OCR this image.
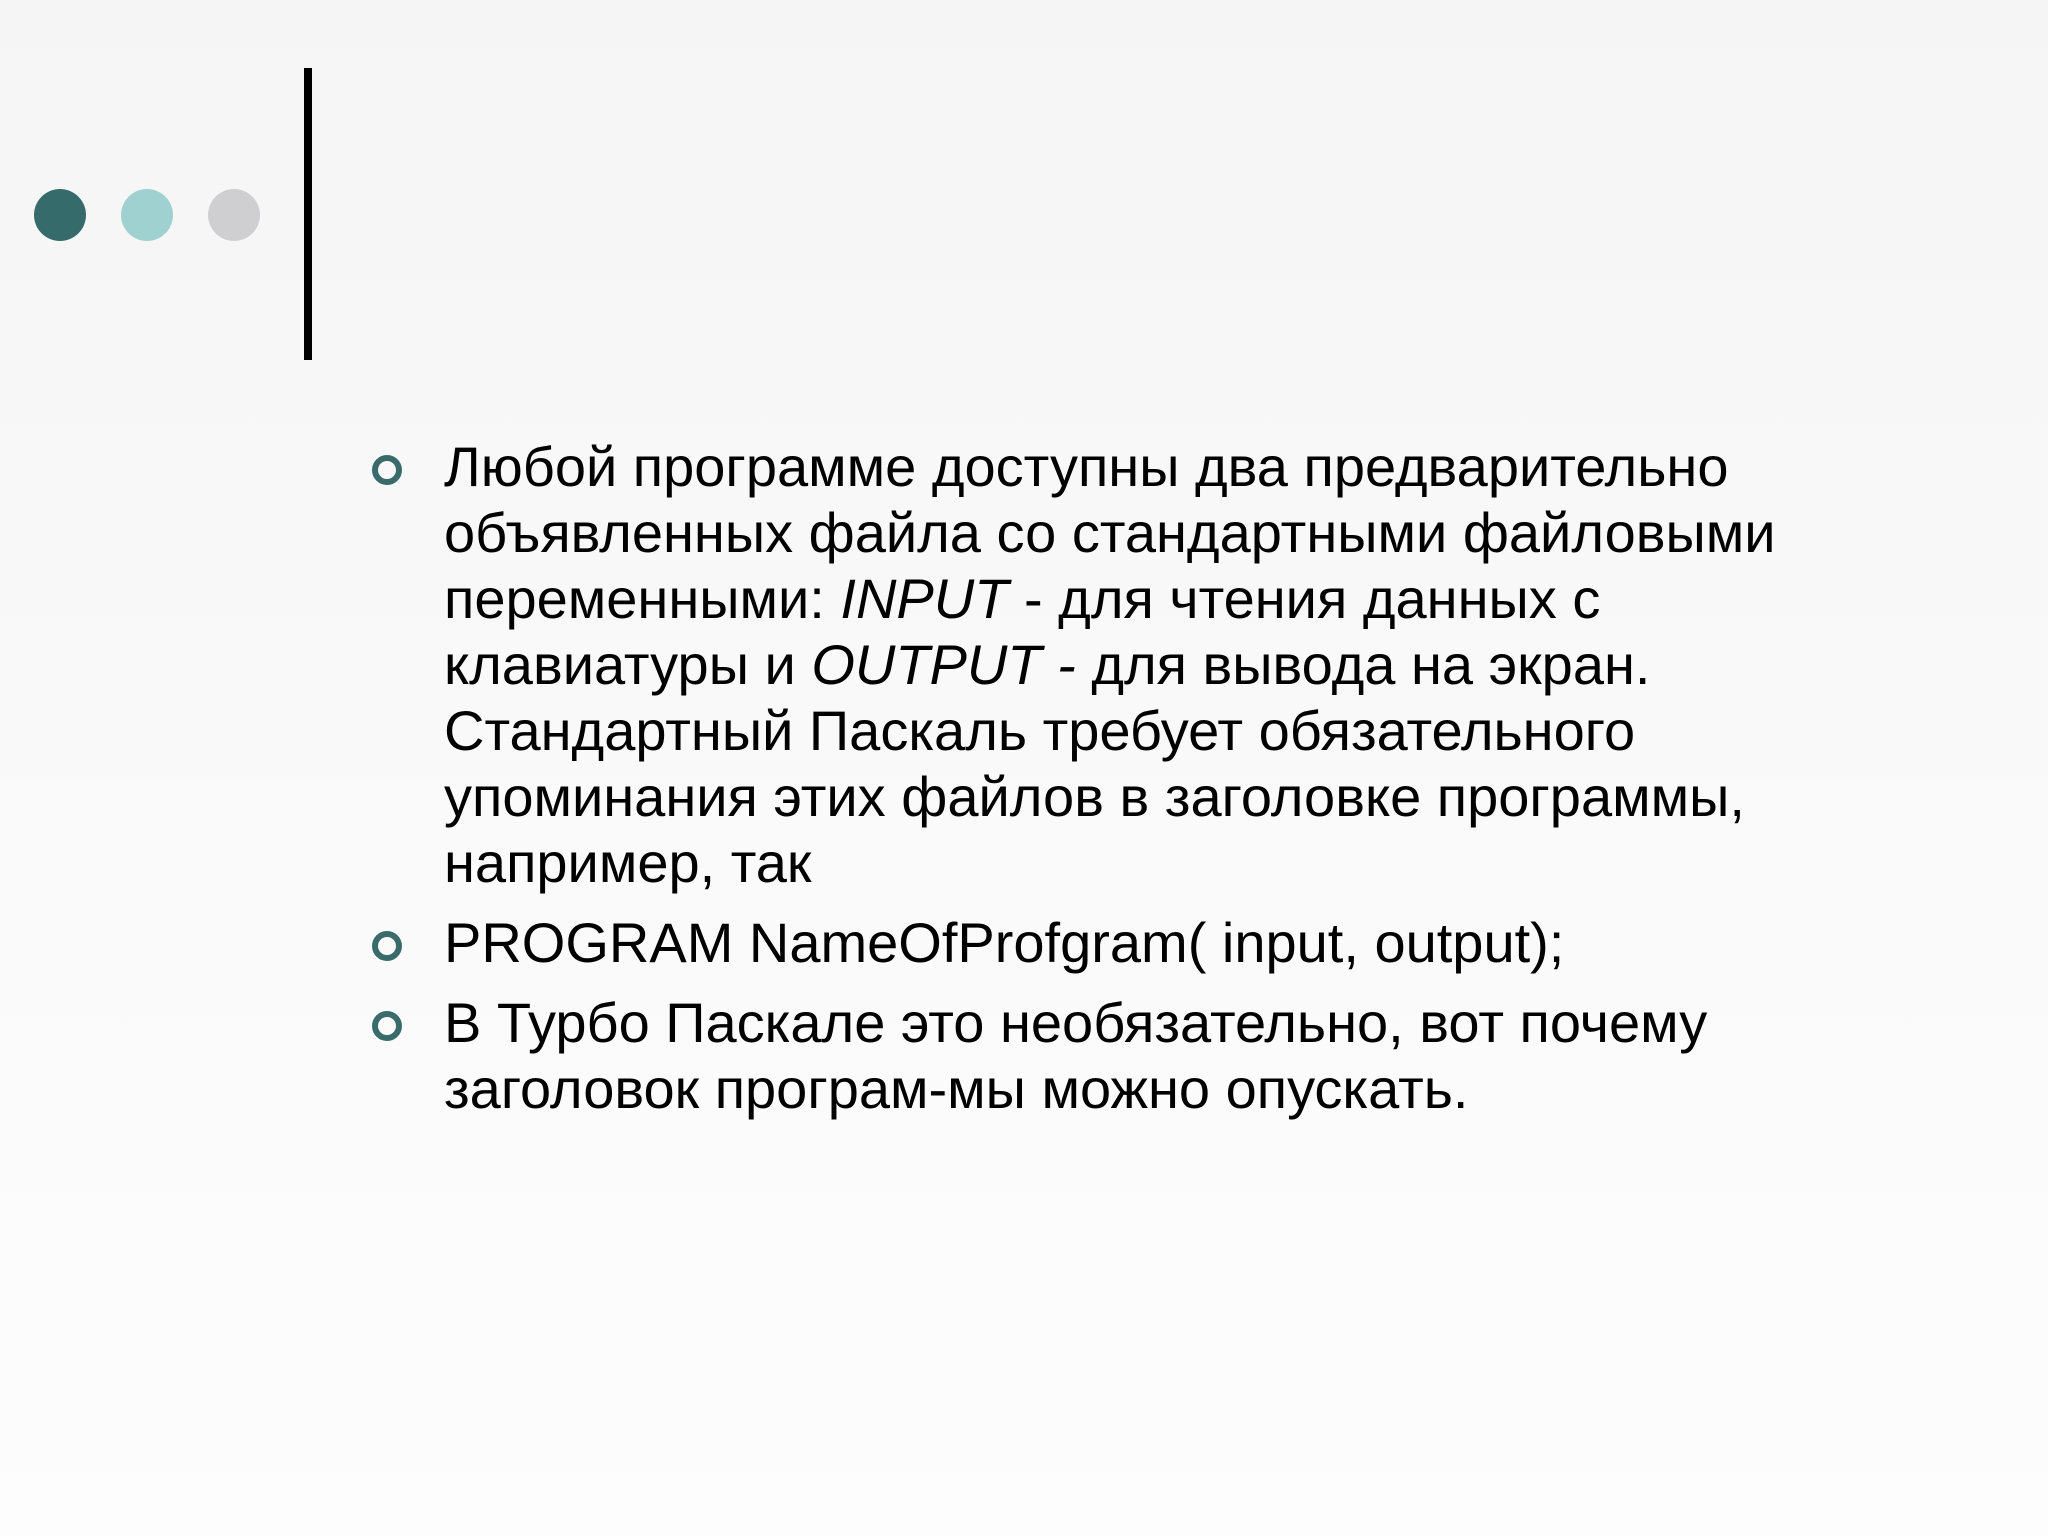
Любой программе доступны два предварительно объявленных файла со стандартными файловыми переменными: INPUT - для чтения данных с клавиатуры и OUTPUT - для вывода на экран. Стандартный Паскаль требует обязательного упоминания этих файлов в заголовке программы, например, так
PROGRAM NameOfProfgram( input, output);
В Турбо Паскале это необязательно, вот почему заголовок програм-мы можно опускать.
